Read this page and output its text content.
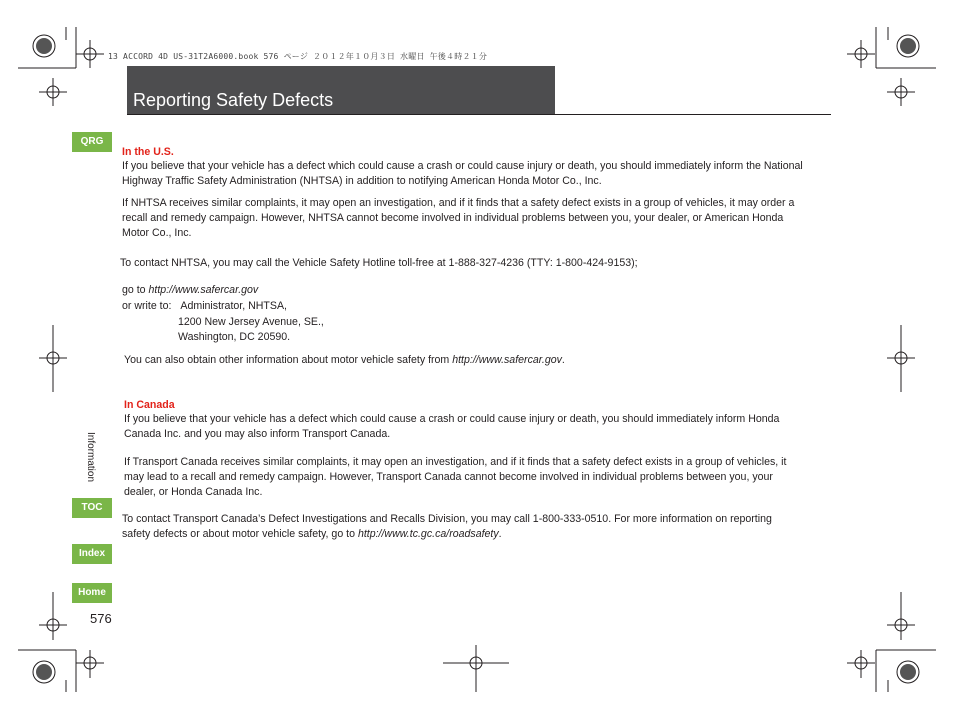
13 ACCORD 4D US-31T2A6000.book 576 ページ ２０１２年１０月３日 水曜日 午後４時２１分
Reporting Safety Defects
QRG
Information
TOC
Index
Home
576
In the U.S.
If you believe that your vehicle has a defect which could cause a crash or could cause injury or death, you should immediately inform the National Highway Traffic Safety Administration (NHTSA) in addition to notifying American Honda Motor Co., Inc.
If NHTSA receives similar complaints, it may open an investigation, and if it finds that a safety defect exists in a group of vehicles, it may order a recall and remedy campaign. However, NHTSA cannot become involved in individual problems between you, your dealer, or American Honda Motor Co., Inc.
To contact NHTSA, you may call the Vehicle Safety Hotline toll-free at 1-888-327-4236 (TTY: 1-800-424-9153);
go to http://www.safercar.gov
or write to: Administrator, NHTSA,
1200 New Jersey Avenue, SE.,
Washington, DC 20590.
You can also obtain other information about motor vehicle safety from http://www.safercar.gov.
In Canada
If you believe that your vehicle has a defect which could cause a crash or could cause injury or death, you should immediately inform Honda Canada Inc. and you may also inform Transport Canada.
If Transport Canada receives similar complaints, it may open an investigation, and if it finds that a safety defect exists in a group of vehicles, it may lead to a recall and remedy campaign. However, Transport Canada cannot become involved in individual problems between you, your dealer, or Honda Canada Inc.
To contact Transport Canada’s Defect Investigations and Recalls Division, you may call 1-800-333-0510. For more information on reporting safety defects or about motor vehicle safety, go to http://www.tc.gc.ca/roadsafety.
